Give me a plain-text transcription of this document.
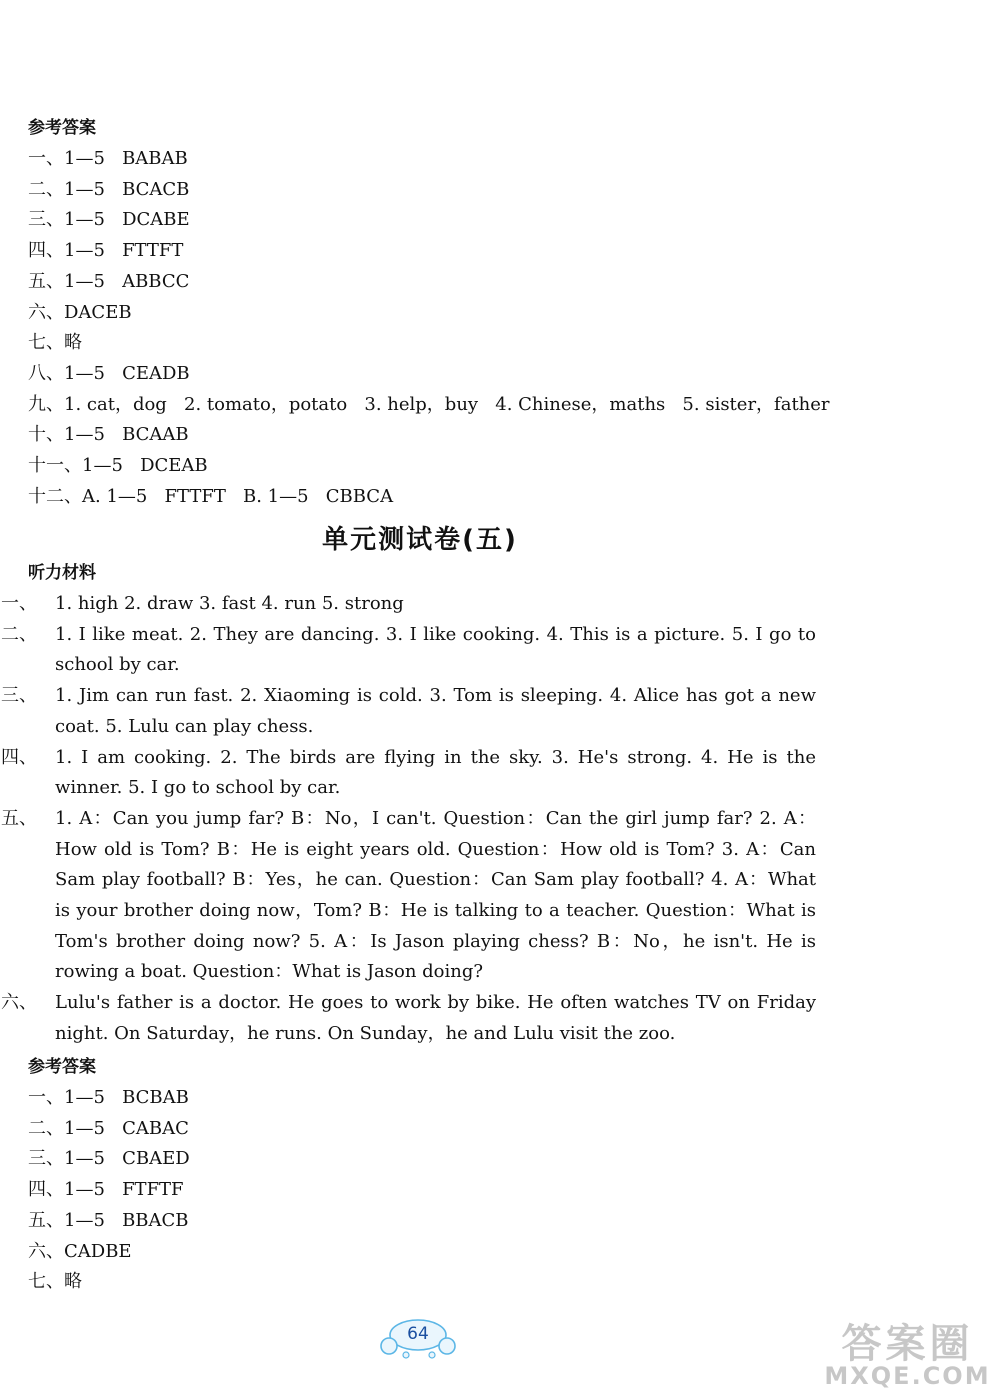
参考答案
一、1—5   BABAB
二、1—5   BCACB
三、1—5   DCABE
四、1—5   FTTFT
五、1—5   ABBCC
六、DACEB
七、略
八、1—5   CEADB
九、1. cat，dog   2. tomato，potato   3. help，buy   4. Chinese，maths   5. sister，father
十、1—5   BCAAB
十一、1—5   DCEAB
十二、A. 1—5   FTTFT   B. 1—5   CBBCA
单元测试卷(五)
听力材料
一、 1. high 2. draw 3. fast 4. run 5. strong
二、 1. I like meat. 2. They are dancing. 3. I like cooking. 4. This is a picture. 5. I go to school by car.
三、 1. Jim can run fast. 2. Xiaoming is cold. 3. Tom is sleeping. 4. Alice has got a new coat. 5. Lulu can play chess.
四、 1. I am cooking. 2. The birds are flying in the sky. 3. He's strong. 4. He is the winner. 5. I go to school by car.
五、 1. A：Can you jump far? B：No，I can't. Question：Can the girl jump far? 2. A：How old is Tom? B：He is eight years old. Question：How old is Tom? 3. A：Can Sam play football? B：Yes，he can. Question：Can Sam play football? 4. A：What is your brother doing now，Tom? B：He is talking to a teacher. Question：What is Tom's brother doing now? 5. A：Is Jason playing chess? B：No，he isn't. He is rowing a boat. Question：What is Jason doing?
六、 Lulu's father is a doctor. He goes to work by bike. He often watches TV on Friday night. On Saturday，he runs. On Sunday，he and Lulu visit the zoo.
参考答案
一、1—5   BCBAB
二、1—5   CABAC
三、1—5   CBAED
四、1—5   FTFTF
五、1—5   BBACB
六、CADBE
七、略
64	答案圈
MXQE.COM
